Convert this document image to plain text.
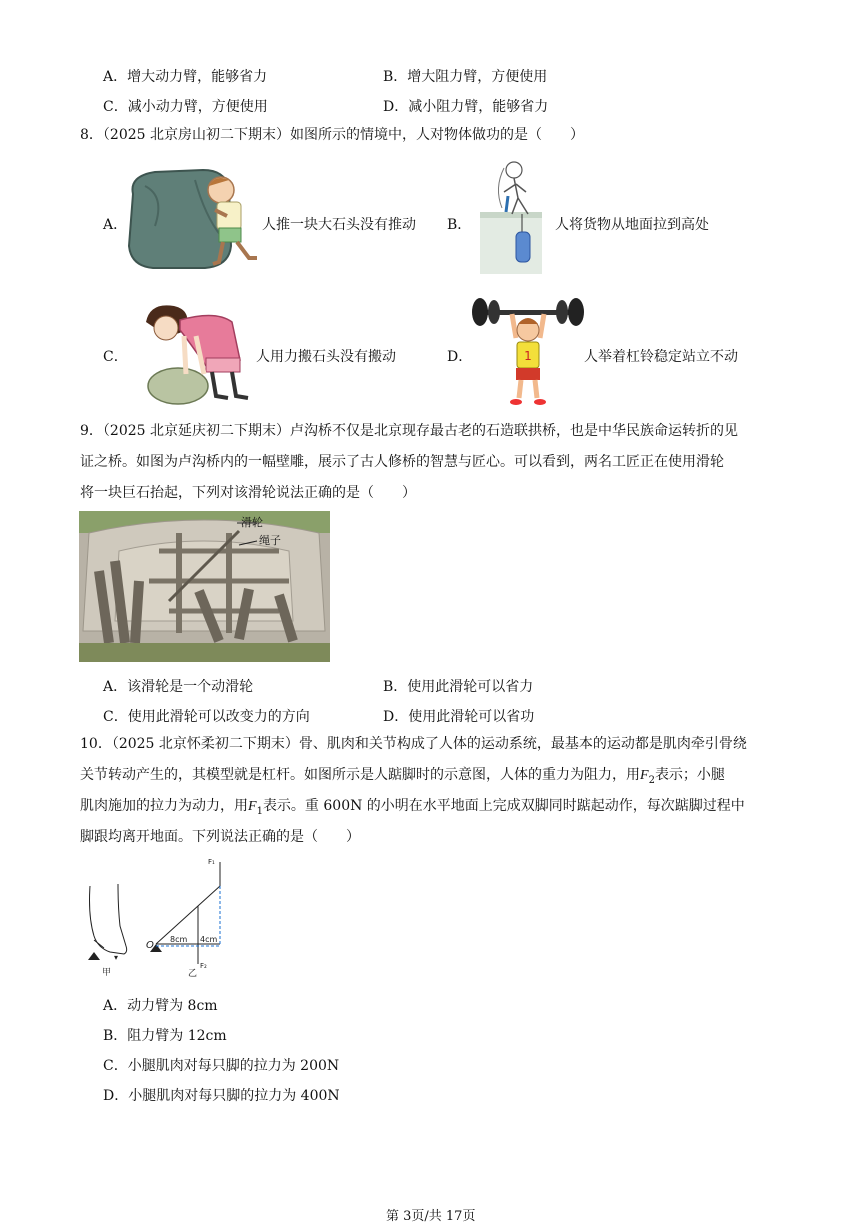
A．增大动力臂，能够省力	B．增大阻力臂，方便使用
C．减小动力臂，方便使用	D．减小阻力臂，能够省力
8．（2025 北京房山初二下期末）如图所示的情境中，人对物体做功的是（　　）
A．	人推一块大石头没有推动 B．	人将货物从地面拉到高处
C．	人用力搬石头没有搬动	D．	1	人举着杠铃稳定站立不动
9．（2025 北京延庆初二下期末）卢沟桥不仅是北京现存最古老的石造联拱桥，也是中华民族命运转折的见
证之桥。如图为卢沟桥内的一幅壁雕，展示了古人修桥的智慧与匠心。可以看到，两名工匠正在使用滑轮
将一块巨石抬起，下列对该滑轮说法正确的是（　　）
滑轮
绳子
A．该滑轮是一个动滑轮	B．使用此滑轮可以省力
C．使用此滑轮可以改变力的方向	D．使用此滑轮可以省功
10．（2025 北京怀柔初二下期末）骨、肌肉和关节构成了人体的运动系统，最基本的运动都是肌肉牵引骨绕
关节转动产生的，其模型就是杠杆。如图所示是人踮脚时的示意图，人体的重力为阻力，用$F_2$表示；小腿
肌肉施加的拉力为动力，用$F_1$表示。重 600N 的小明在水平地面上完成双脚同时踮起动作，每次踮脚过程中
脚跟均离开地面。下列说法正确的是（　　）
▾
甲
O
8cm 4cm
F₁
F₂
乙
A．动力臂为 8cm
B．阻力臂为 12cm
C．小腿肌肉对每只脚的拉力为 200N
D．小腿肌肉对每只脚的拉力为 400N
第 3页/共 17页
